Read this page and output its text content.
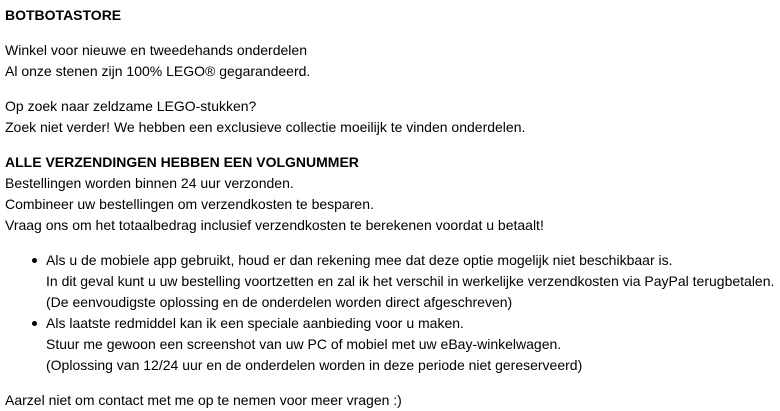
BOTBOTASTORE
Winkel voor nieuwe en tweedehands onderdelen
Al onze stenen zijn 100% LEGO® gegarandeerd.
Op zoek naar zeldzame LEGO-stukken?
Zoek niet verder! We hebben een exclusieve collectie moeilijk te vinden onderdelen.
ALLE VERZENDINGEN HEBBEN EEN VOLGNUMMER
Bestellingen worden binnen 24 uur verzonden.
Combineer uw bestellingen om verzendkosten te besparen.
Vraag ons om het totaalbedrag inclusief verzendkosten te berekenen voordat u betaalt!
Als u de mobiele app gebruikt, houd er dan rekening mee dat deze optie mogelijk niet beschikbaar is.
In dit geval kunt u uw bestelling voortzetten en zal ik het verschil in werkelijke verzendkosten via PayPal terugbetalen.
(De eenvoudigste oplossing en de onderdelen worden direct afgeschreven)
Als laatste redmiddel kan ik een speciale aanbieding voor u maken.
Stuur me gewoon een screenshot van uw PC of mobiel met uw eBay-winkelwagen.
(Oplossing van 12/24 uur en de onderdelen worden in deze periode niet gereserveerd)
Aarzel niet om contact met me op te nemen voor meer vragen :)
